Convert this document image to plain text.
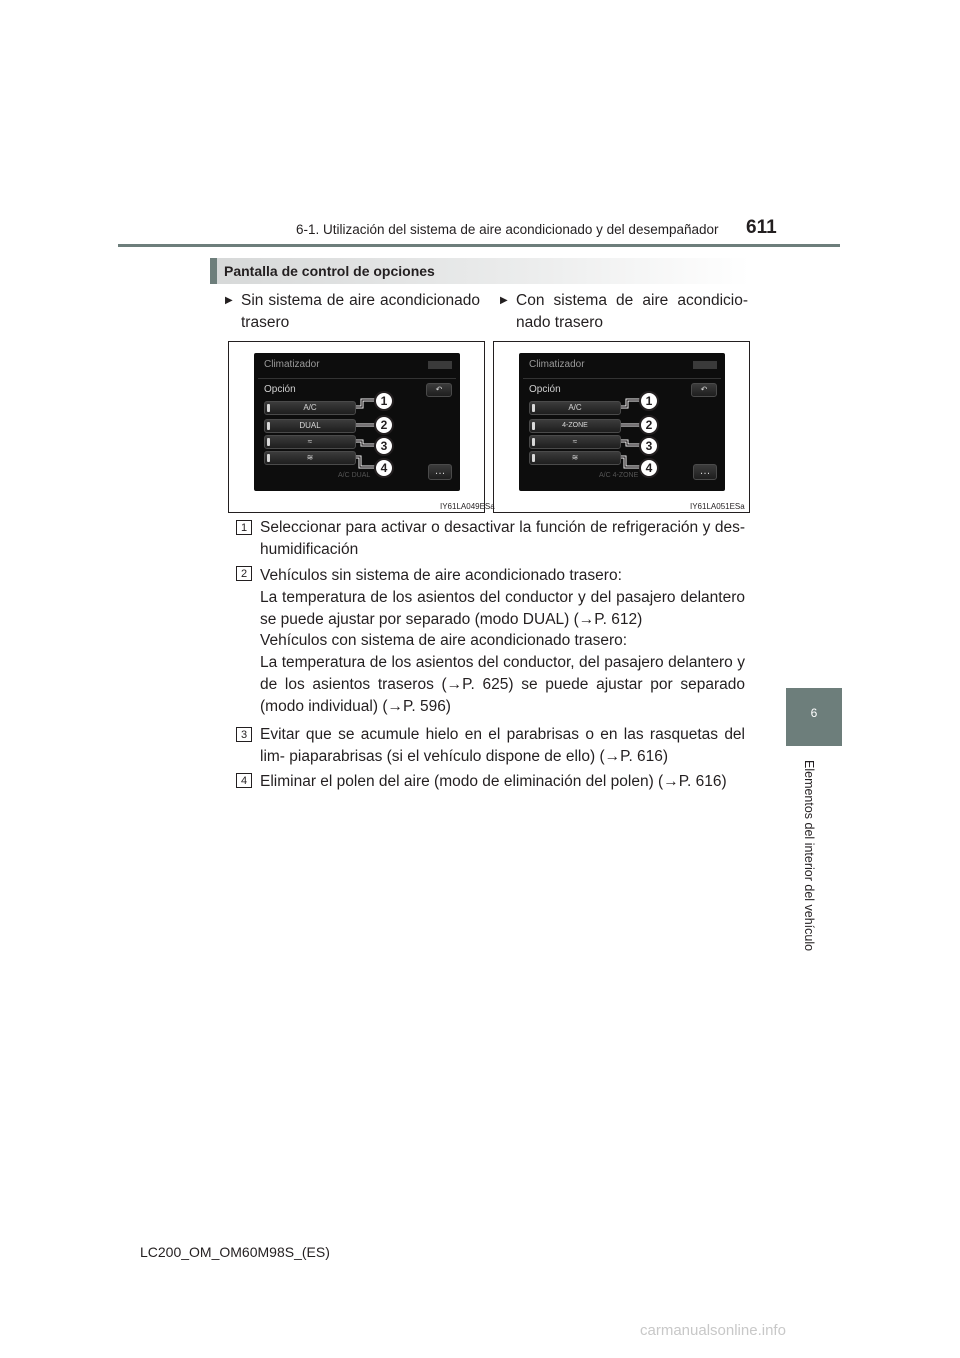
6-1. Utilización del sistema de aire acondicionado y del desempañador 611
6
Elementos del interior del vehículo
Pantalla de control de opciones
▶ Sin sistema de aire acondicionado trasero
▶ Con sistema de aire acondicio- nado trasero
Climatizador
Opción	↶
A/C
DUAL
≈
≋
…
A/C DUAL
IY61LA049ESa
Climatizador
Opción	↶
A/C
4-ZONE
≈
≋
…
A/C 4-ZONE
IY61LA051ESa
1
2
3
4
1
2
3
4
1 Seleccionar para activar o desactivar la función de refrigeración y des- humidificación
2 Vehículos sin sistema de aire acondicionado trasero:
La temperatura de los asientos del conductor y del pasajero delantero se puede ajustar por separado (modo DUAL) (→P. 612)
Vehículos con sistema de aire acondicionado trasero:
La temperatura de los asientos del conductor, del pasajero delantero y de los asientos traseros (→P. 625) se puede ajustar por separado (modo individual) (→P. 596)
3 Evitar que se acumule hielo en el parabrisas o en las rasquetas del lim- piaparabrisas (si el vehículo dispone de ello) (→P. 616)
4 Eliminar el polen del aire (modo de eliminación del polen) (→P. 616)
LC200_OM_OM60M98S_(ES)
carmanualsonline.info
